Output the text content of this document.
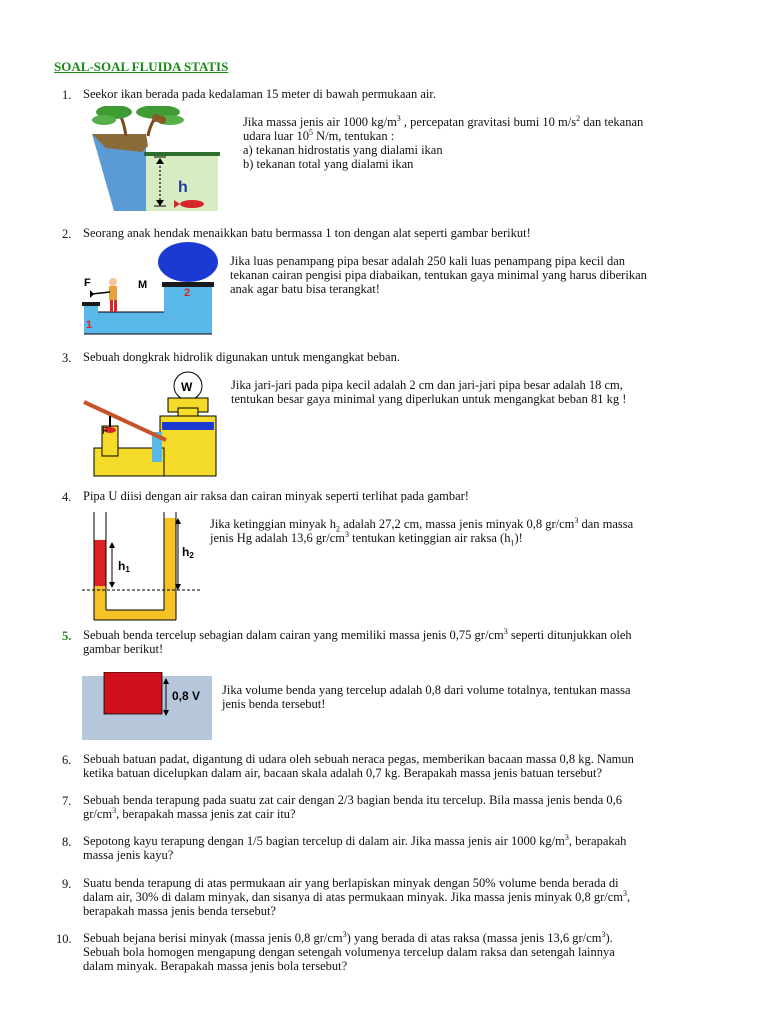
SOAL-SOAL FLUIDA STATIS
1. Seekor ikan berada pada kedalaman 15 meter di bawah permukaan air.
h
Jika massa jenis air 1000 $kg/m^3$ , percepatan gravitasi bumi 10 $m/s^2$ dan tekanan
udara luar $10^5$ N/m, tentukan :
a) tekanan hidrostatis yang dialami ikan
b) tekanan total yang dialami ikan
2. Seorang anak hendak menaikkan batu bermassa 1 ton dengan alat seperti gambar berikut!
F	M
1
2
Jika luas penampang pipa besar adalah 250 kali luas penampang pipa kecil dan
tekanan cairan pengisi pipa diabaikan, tentukan gaya minimal yang harus diberikan
anak agar batu bisa terangkat!
3. Sebuah dongkrak hidrolik digunakan untuk mengangkat beban.
W
F
Jika jari-jari pada pipa kecil adalah 2 cm dan jari-jari pipa besar adalah 18 cm,
tentukan besar gaya minimal yang diperlukan untuk mengangkat beban 81 kg !
4. Pipa U diisi dengan air raksa dan cairan minyak seperti terlihat pada gambar!
h1
h2
Jika ketinggian minyak $h_2$ adalah 27,2 cm, massa jenis minyak 0,8 $gr/cm^3$ dan massa
jenis Hg adalah 13,6 $gr/cm^3$ tentukan ketinggian air raksa $(h_1)$!
5. Sebuah benda tercelup sebagian dalam cairan yang memiliki massa jenis 0,75 $gr/cm^3$ seperti ditunjukkan oleh
gambar berikut!
0,8 V Jika volume benda yang tercelup adalah 0,8 dari volume totalnya, tentukan massa
jenis benda tersebut!
6. Sebuah batuan padat, digantung di udara oleh sebuah neraca pegas, memberikan bacaan massa 0,8 kg. Namun
ketika batuan dicelupkan dalam air, bacaan skala adalah 0,7 kg. Berapakah massa jenis batuan tersebut?
7. Sebuah benda terapung pada suatu zat cair dengan 2/3 bagian benda itu tercelup. Bila massa jenis benda 0,6
$gr/cm^3$, berapakah massa jenis zat cair itu?
8. Sepotong kayu terapung dengan 1/5 bagian tercelup di dalam air. Jika massa jenis air 1000 $kg/m^3$, berapakah
massa jenis kayu?
9. Suatu benda terapung di atas permukaan air yang berlapiskan minyak dengan 50% volume benda berada di
dalam air, 30% di dalam minyak, dan sisanya di atas permukaan minyak. Jika massa jenis minyak 0,8 $gr/cm^3$,
berapakah massa jenis benda tersebut?
10. Sebuah bejana berisi minyak (massa jenis 0,8 $gr/cm^3$) yang berada di atas raksa (massa jenis 13,6 $gr/cm^3$).
Sebuah bola homogen mengapung dengan setengah volumenya tercelup dalam raksa dan setengah lainnya
dalam minyak. Berapakah massa jenis bola tersebut?
